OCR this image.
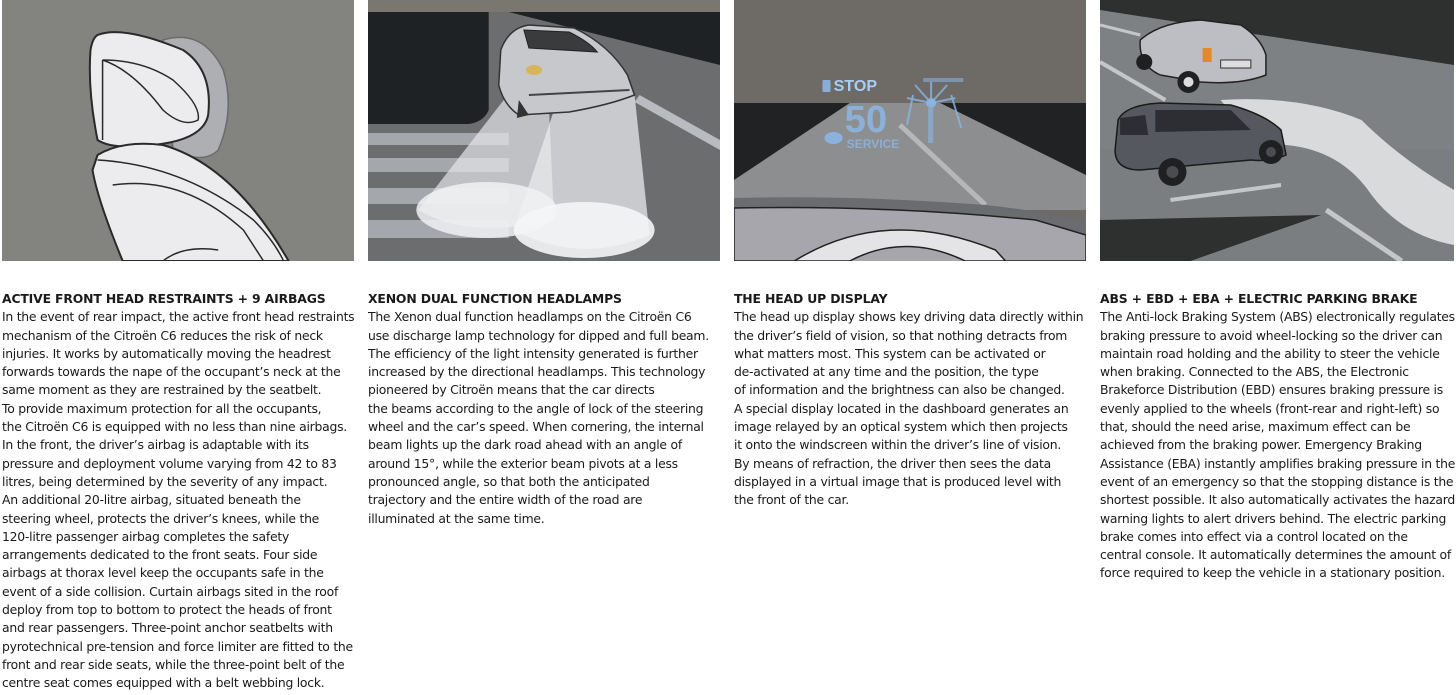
ACTIVE FRONT HEAD RESTRAINTS + 9 AIRBAGS

In the event of rear impact, the active front head restraints

mechanism of the Citroën C6 reduces the risk of neck

injuries. It works by automatically moving the headrest

forwards towards the nape of the occupant’s neck at the

same moment as they are restrained by the seatbelt.

To provide maximum protection for all the occupants,

the Citroën C6 is equipped with no less than nine airbags.

In the front, the driver’s airbag is adaptable with its

pressure and deployment volume varying from 42 to 83

litres, being determined by the severity of any impact.

An additional 20-litre airbag, situated beneath the

steering wheel, protects the driver’s knees, while the

120-litre passenger airbag completes the safety

arrangements dedicated to the front seats. Four side

airbags at thorax level keep the occupants safe in the

event of a side collision. Curtain airbags sited in the roof

deploy from top to bottom to protect the heads of front

and rear passengers. Three-point anchor seatbelts with

pyrotechnical pre-tension and force limiter are fitted to the

front and rear side seats, while the three-point belt of the

centre seat comes equipped with a belt webbing lock.

XENON DUAL FUNCTION HEADLAMPS

The Xenon dual function headlamps on the Citroën C6

use discharge lamp technology for dipped and full beam.

The efficiency of the light intensity generated is further

increased by the directional headlamps. This technology

pioneered by Citroën means that the car directs

the beams according to the angle of lock of the steering

wheel and the car’s speed. When cornering, the internal

beam lights up the dark road ahead with an angle of

around 15°, while the exterior beam pivots at a less

pronounced angle, so that both the anticipated

trajectory and the entire width of the road are

illuminated at the same time.

STOP
50
SERVICE
THE HEAD UP DISPLAY

The head up display shows key driving data directly within

the driver’s field of vision, so that nothing detracts from

what matters most. This system can be activated or

de-activated at any time and the position, the type

of information and the brightness can also be changed.

A special display located in the dashboard generates an

image relayed by an optical system which then projects

it onto the windscreen within the driver’s line of vision.

By means of refraction, the driver then sees the data

displayed in a virtual image that is produced level with

the front of the car.

ABS + EBD + EBA + ELECTRIC PARKING BRAKE

The Anti-lock Braking System (ABS) electronically regulates

braking pressure to avoid wheel-locking so the driver can

maintain road holding and the ability to steer the vehicle

when braking. Connected to the ABS, the Electronic

Brakeforce Distribution (EBD) ensures braking pressure is

evenly applied to the wheels (front-rear and right-left) so

that, should the need arise, maximum effect can be

achieved from the braking power. Emergency Braking

Assistance (EBA) instantly amplifies braking pressure in the

event of an emergency so that the stopping distance is the

shortest possible. It also automatically activates the hazard

warning lights to alert drivers behind. The electric parking

brake comes into effect via a control located on the

central console. It automatically determines the amount of

force required to keep the vehicle in a stationary position.
